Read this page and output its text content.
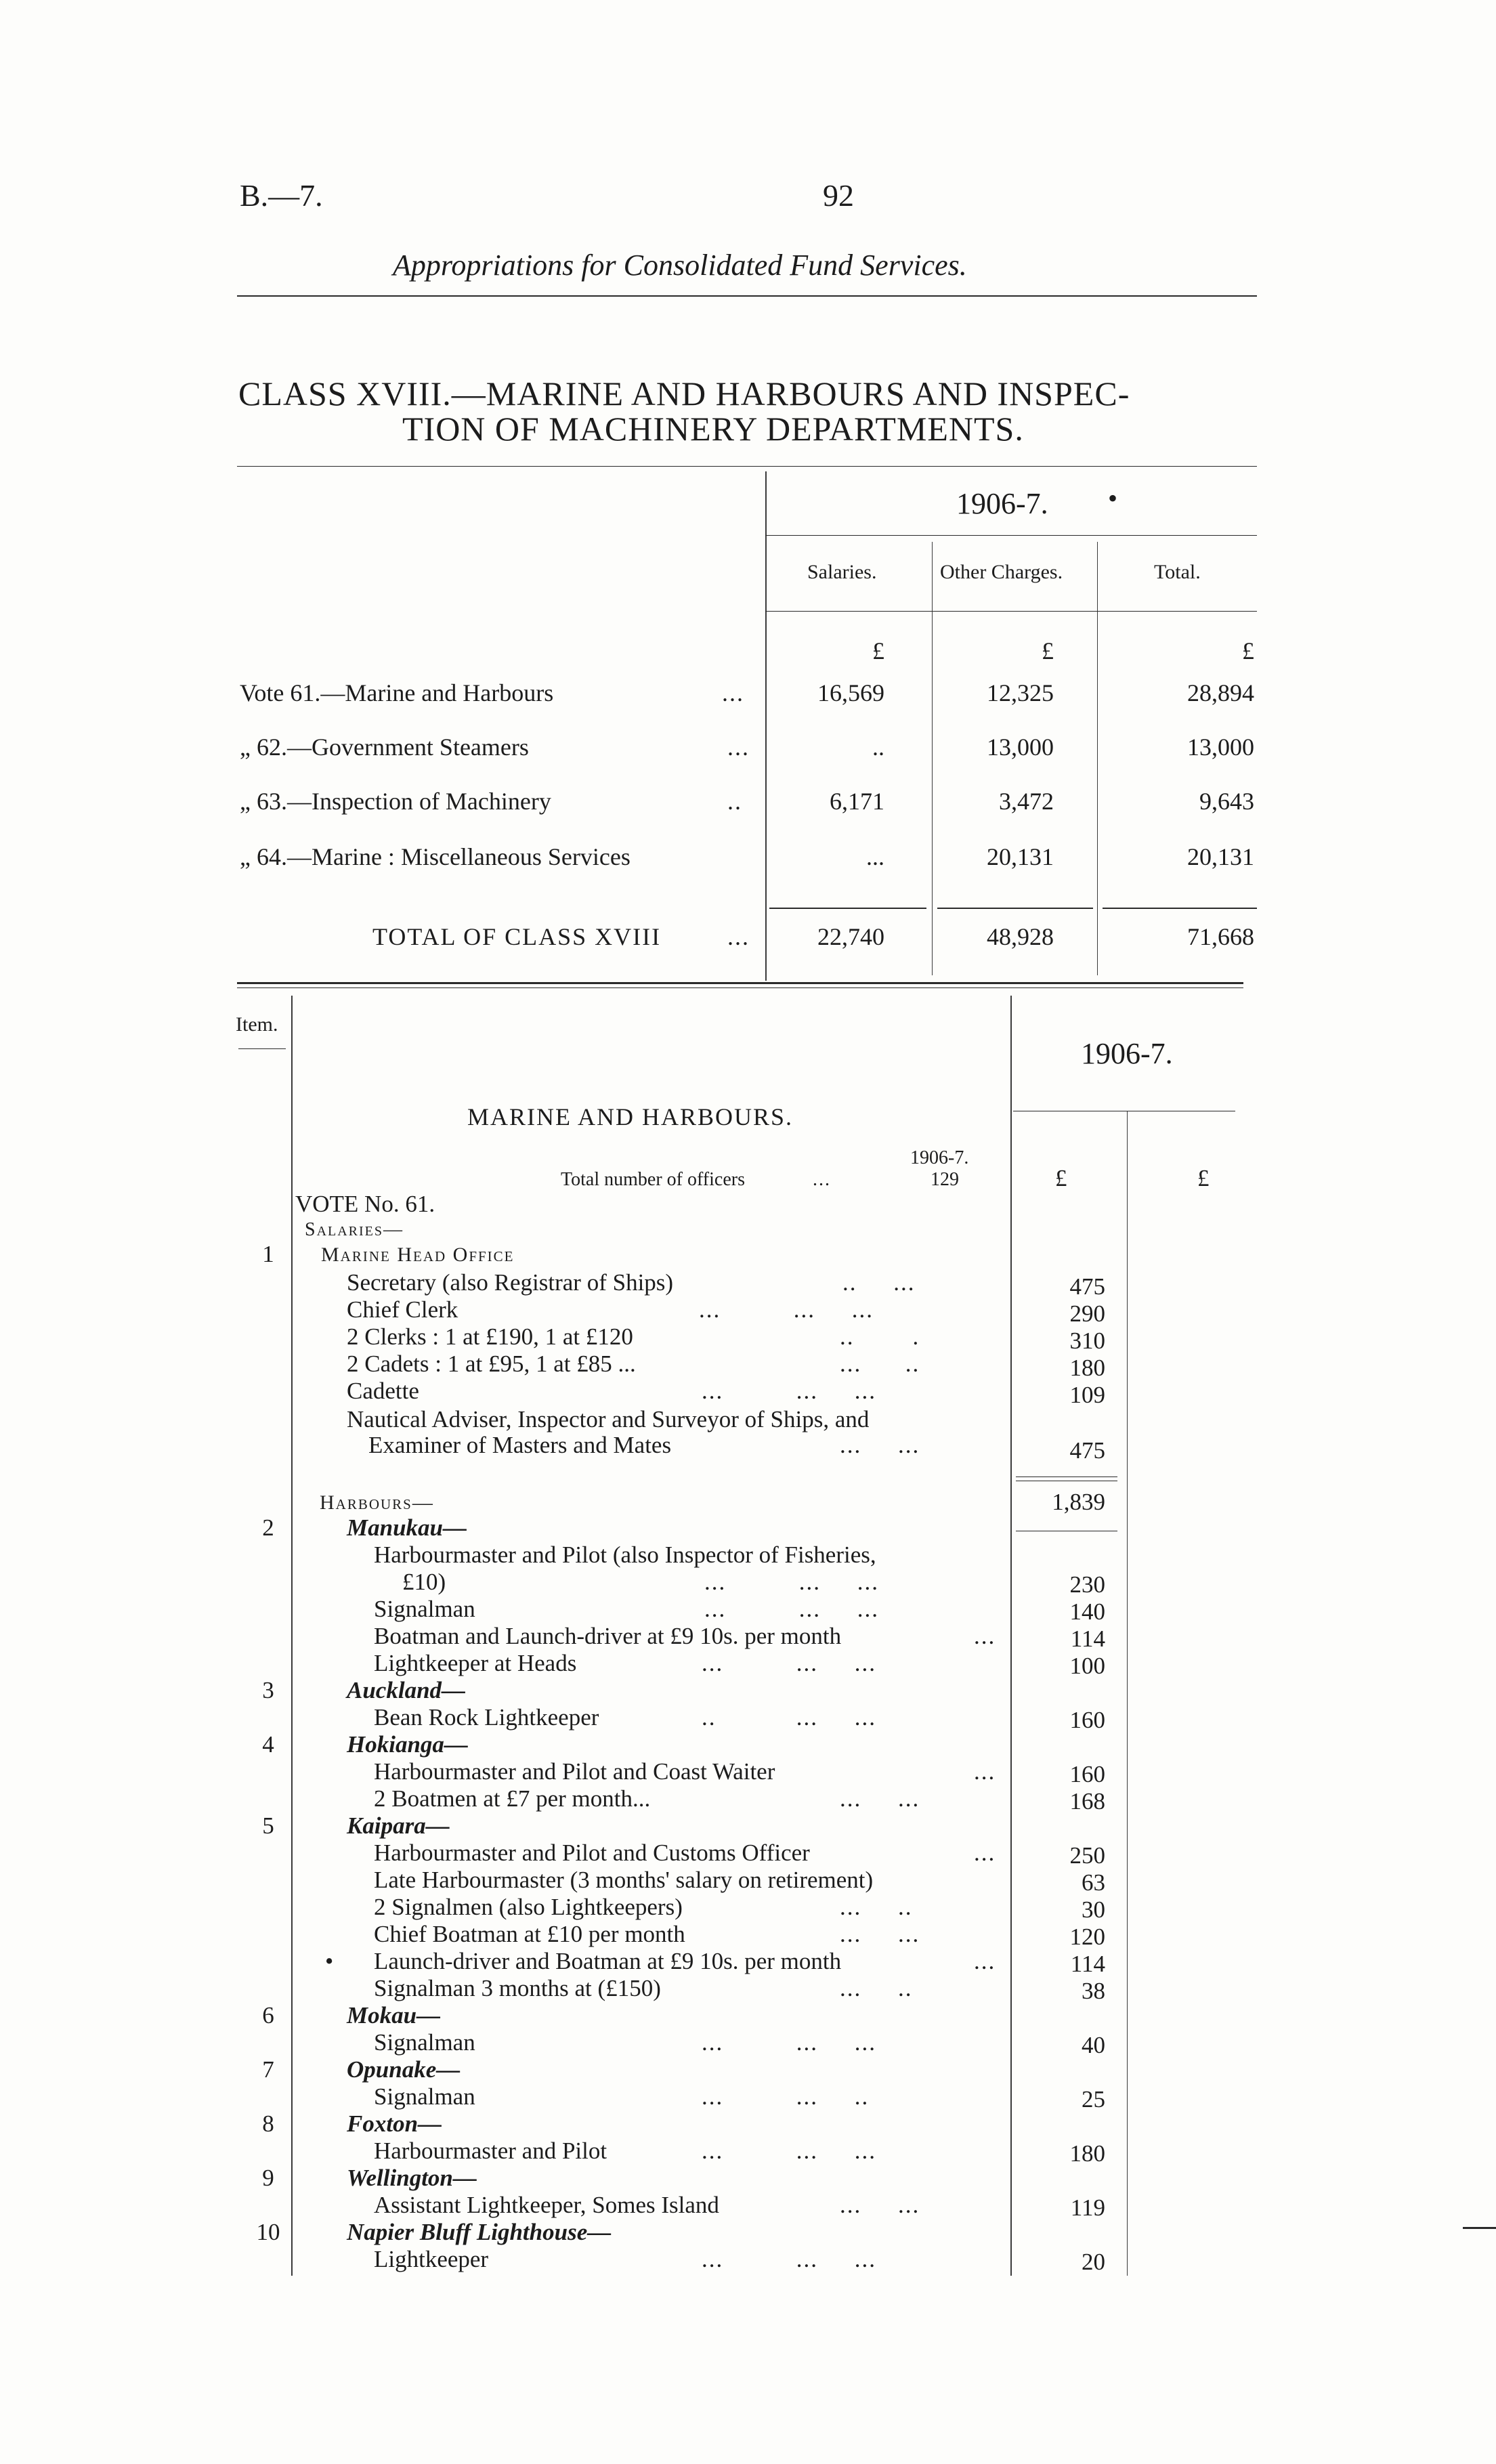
B.—7.	92
Appropriations for Consolidated Fund Services.
CLASS XVIII.—MARINE AND HARBOURS AND INSPEC-
TION OF MACHINERY DEPARTMENTS.
1906-7. •
Salaries.	Other Charges.	Total.
£	£	£
Vote 61.—Marine and Harbours	...	16,569	12,325	28,894
„ 62.—Government Steamers	...	..	13,000	13,000
„ 63.—Inspection of Machinery	..	6,171	3,472	9,643
„ 64.—Marine : Miscellaneous Services	...	20,131	20,131
TOTAL OF CLASS XVIII	...	22,740	48,928	71,668
Item.
1906-7.
MARINE AND HARBOURS.
1906-7.
Total number of officers	...	129	£	£
VOTE No. 61.
Salaries—
1	Marine Head Office
Secretary (also Registrar of Ships)	..     ...	475
Chief Clerk	...          ...     ...	290
2 Clerks : 1 at £190, 1 at £120	..        .	310
2 Cadets : 1 at £95, 1 at £85 ...	...      ..	180
Cadette	...          ...     ...	109
Nautical Adviser, Inspector and Surveyor of Ships, and
Examiner of Masters and Mates	...     ...	475
1,839
Harbours—
2	Manukau—
Harbourmaster and Pilot (also Inspector of Fisheries,
£10)	...          ...     ...	230
Signalman	...          ...     ...	140
Boatman and Launch-driver at £9 10s. per month	...	114
Lightkeeper at Heads	...          ...     ...	100
3	Auckland—
Bean Rock Lightkeeper	..           ...     ...	160
4	Hokianga—
Harbourmaster and Pilot and Coast Waiter	...	160
2 Boatmen at £7 per month...	...     ...	168
5	Kaipara—
Harbourmaster and Pilot and Customs Officer	...	250
Late Harbourmaster (3 months' salary on retirement)	63
2 Signalmen (also Lightkeepers)	...     ..	30
Chief Boatman at £10 per month	...     ...	120
• Launch-driver and Boatman at £9 10s. per month	...	114
Signalman 3 months at (£150)	...     ..	38
6	Mokau—
Signalman	...          ...     ...	40
7	Opunake—
Signalman	...          ...     ..	25
8	Foxton—
Harbourmaster and Pilot	...          ...     ...	180
9	Wellington—
Assistant Lightkeeper, Somes Island	...     ...	119
10	Napier Bluff Lighthouse—
Lightkeeper	...          ...     ...	20
